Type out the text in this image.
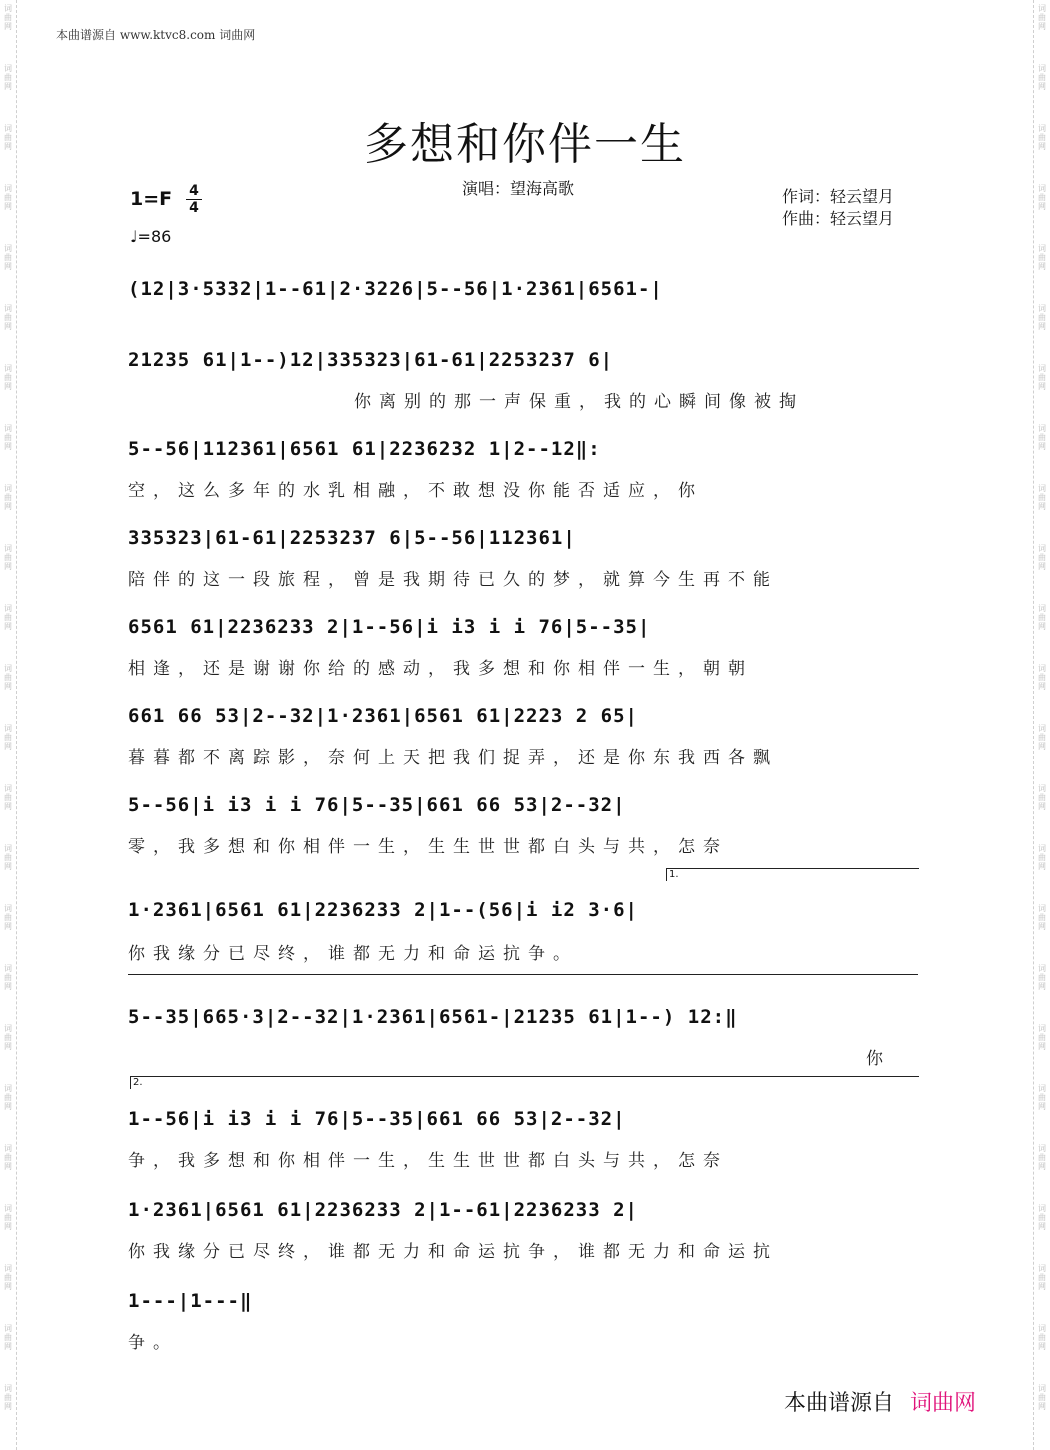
词曲网
词曲网
词曲网
词曲网
词曲网
词曲网
词曲网
词曲网
词曲网
词曲网
词曲网
词曲网
词曲网
词曲网
词曲网
词曲网
词曲网
词曲网
词曲网
词曲网
词曲网
词曲网
词曲网
词曲网
词曲网
词曲网
词曲网
词曲网
词曲网
词曲网
词曲网
词曲网
词曲网
词曲网
词曲网
词曲网
词曲网
词曲网
词曲网
词曲网
词曲网
词曲网
词曲网
词曲网
词曲网
词曲网
词曲网
词曲网
本曲谱源自 www.ktvc8.com 词曲网
多想和你伴一生
演唱：望海高歌	作词：轻云望月
作曲：轻云望月
1=F 4
4
♩=86
(12|3·5332|1--61|2·3226|5--56|1·2361|6561-|
21235 61|1--)12|335323|61-61|2253237 6|
你离别的那一声保重，我的心瞬间像被掏
5--56|112361|6561 61|2236232 1|2--12‖:
空，这么多年的水乳相融，不敢想没你能否适应，你
335323|61-61|2253237 6|5--56|112361|
陪伴的这一段旅程，曾是我期待已久的梦，就算今生再不能
6561 61|2236233 2|1--56|i i3 i i 76|5--35|
相逢，还是谢谢你给的感动，我多想和你相伴一生，朝朝
661 66 53|2--32|1·2361|6561 61|2223 2 65|
暮暮都不离踪影，奈何上天把我们捉弄，还是你东我西各飘
5--56|i i3 i i 76|5--35|661 66 53|2--32|
零，我多想和你相伴一生，生生世世都白头与共，怎奈
1.
1·2361|6561 61|2236233 2|1--(56|i i2 3·6|
你我缘分已尽终，谁都无力和命运抗争。
5--35|665·3|2--32|1·2361|6561-|21235 61|1--) 12:‖
你
2.
1--56|i i3 i i 76|5--35|661 66 53|2--32|
争，我多想和你相伴一生，生生世世都白头与共，怎奈
1·2361|6561 61|2236233 2|1--61|2236233 2|
你我缘分已尽终，谁都无力和命运抗争，谁都无力和命运抗
1---|1---‖
争。
本曲谱源自 词曲网
